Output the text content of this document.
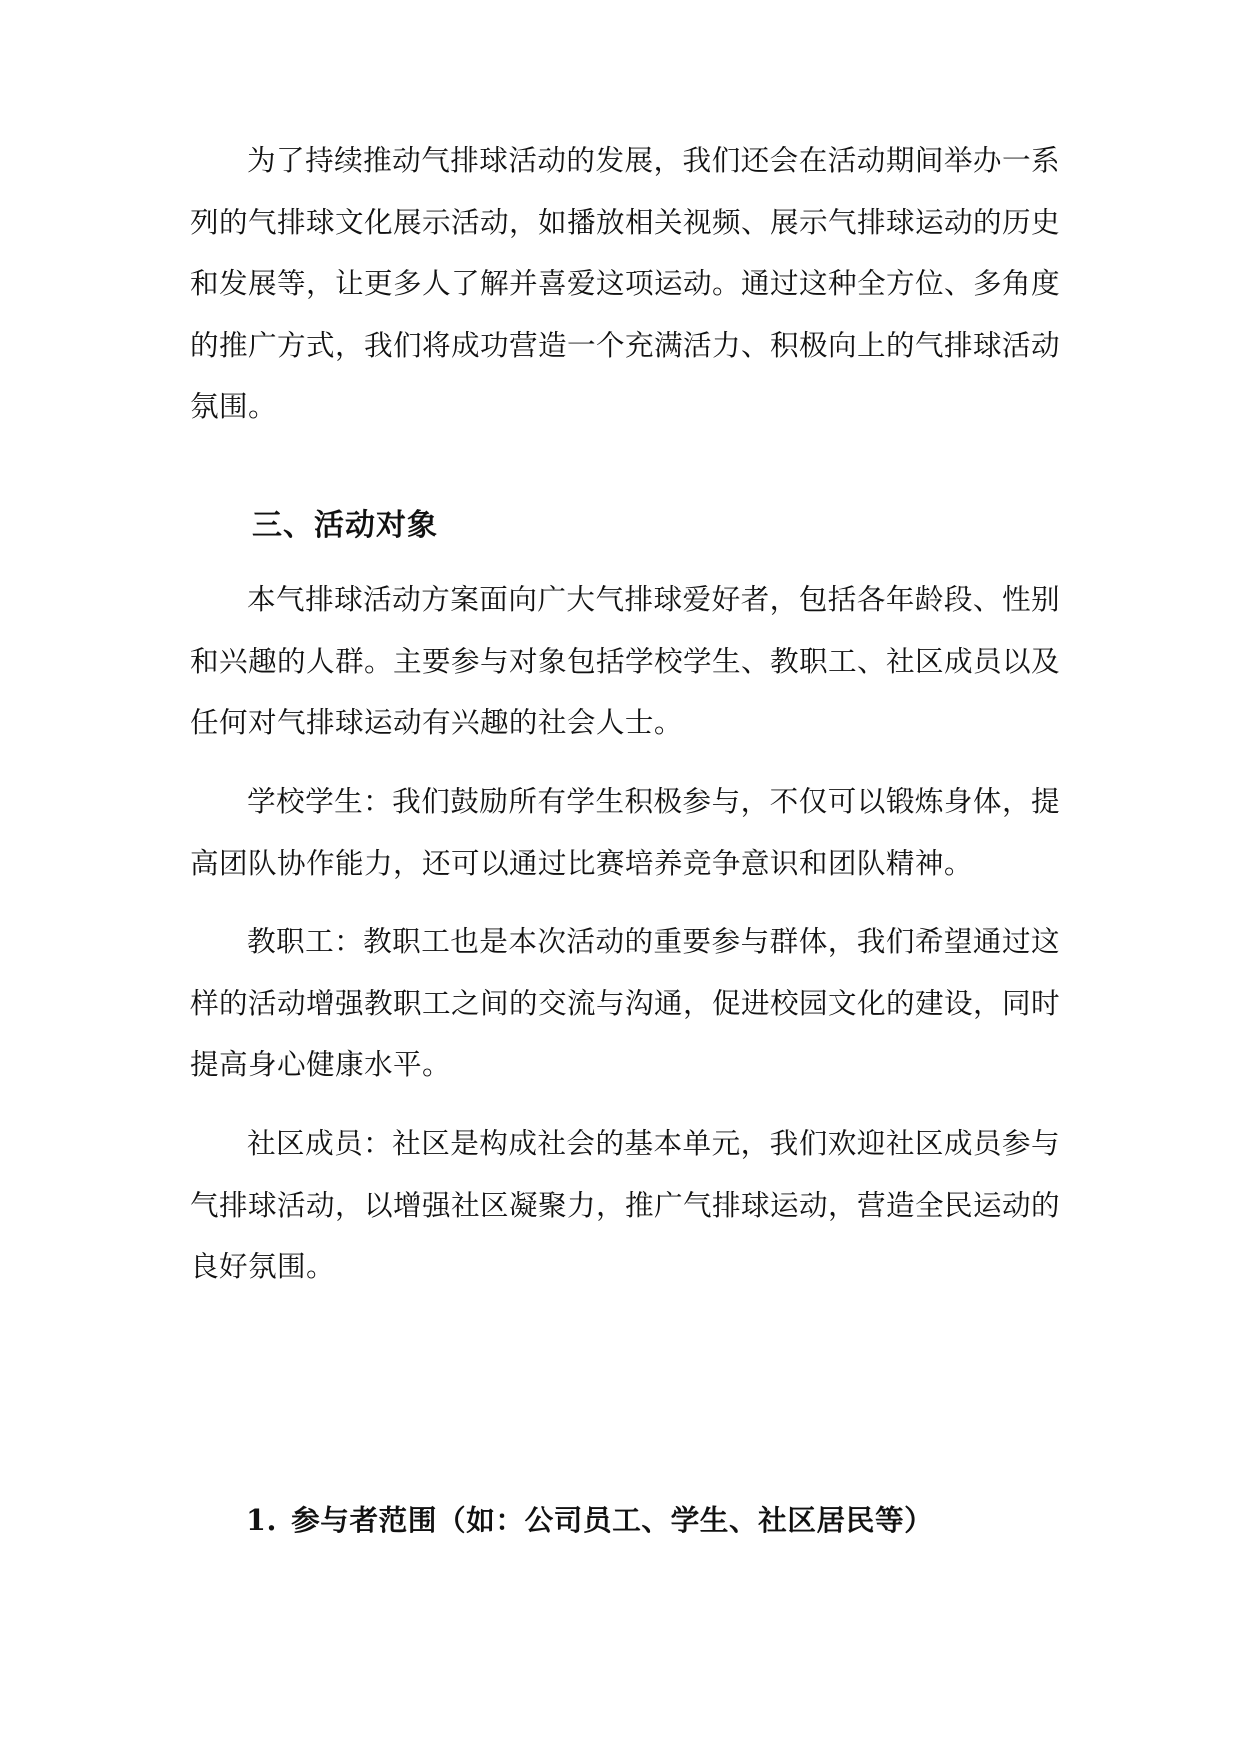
为了持续推动气排球活动的发展，我们还会在活动期间举办一系列的气排球文化展示活动，如播放相关视频、展示气排球运动的历史和发展等，让更多人了解并喜爱这项运动。通过这种全方位、多角度的推广方式，我们将成功营造一个充满活力、积极向上的气排球活动氛围。

三、活动对象

本气排球活动方案面向广大气排球爱好者，包括各年龄段、性别和兴趣的人群。主要参与对象包括学校学生、教职工、社区成员以及任何对气排球运动有兴趣的社会人士。

学校学生：我们鼓励所有学生积极参与，不仅可以锻炼身体，提高团队协作能力，还可以通过比赛培养竞争意识和团队精神。

教职工：教职工也是本次活动的重要参与群体，我们希望通过这样的活动增强教职工之间的交流与沟通，促进校园文化的建设，同时提高身心健康水平。

社区成员：社区是构成社会的基本单元，我们欢迎社区成员参与气排球活动，以增强社区凝聚力，推广气排球运动，营造全民运动的良好氛围。

1. 参与者范围（如：公司员工、学生、社区居民等）
